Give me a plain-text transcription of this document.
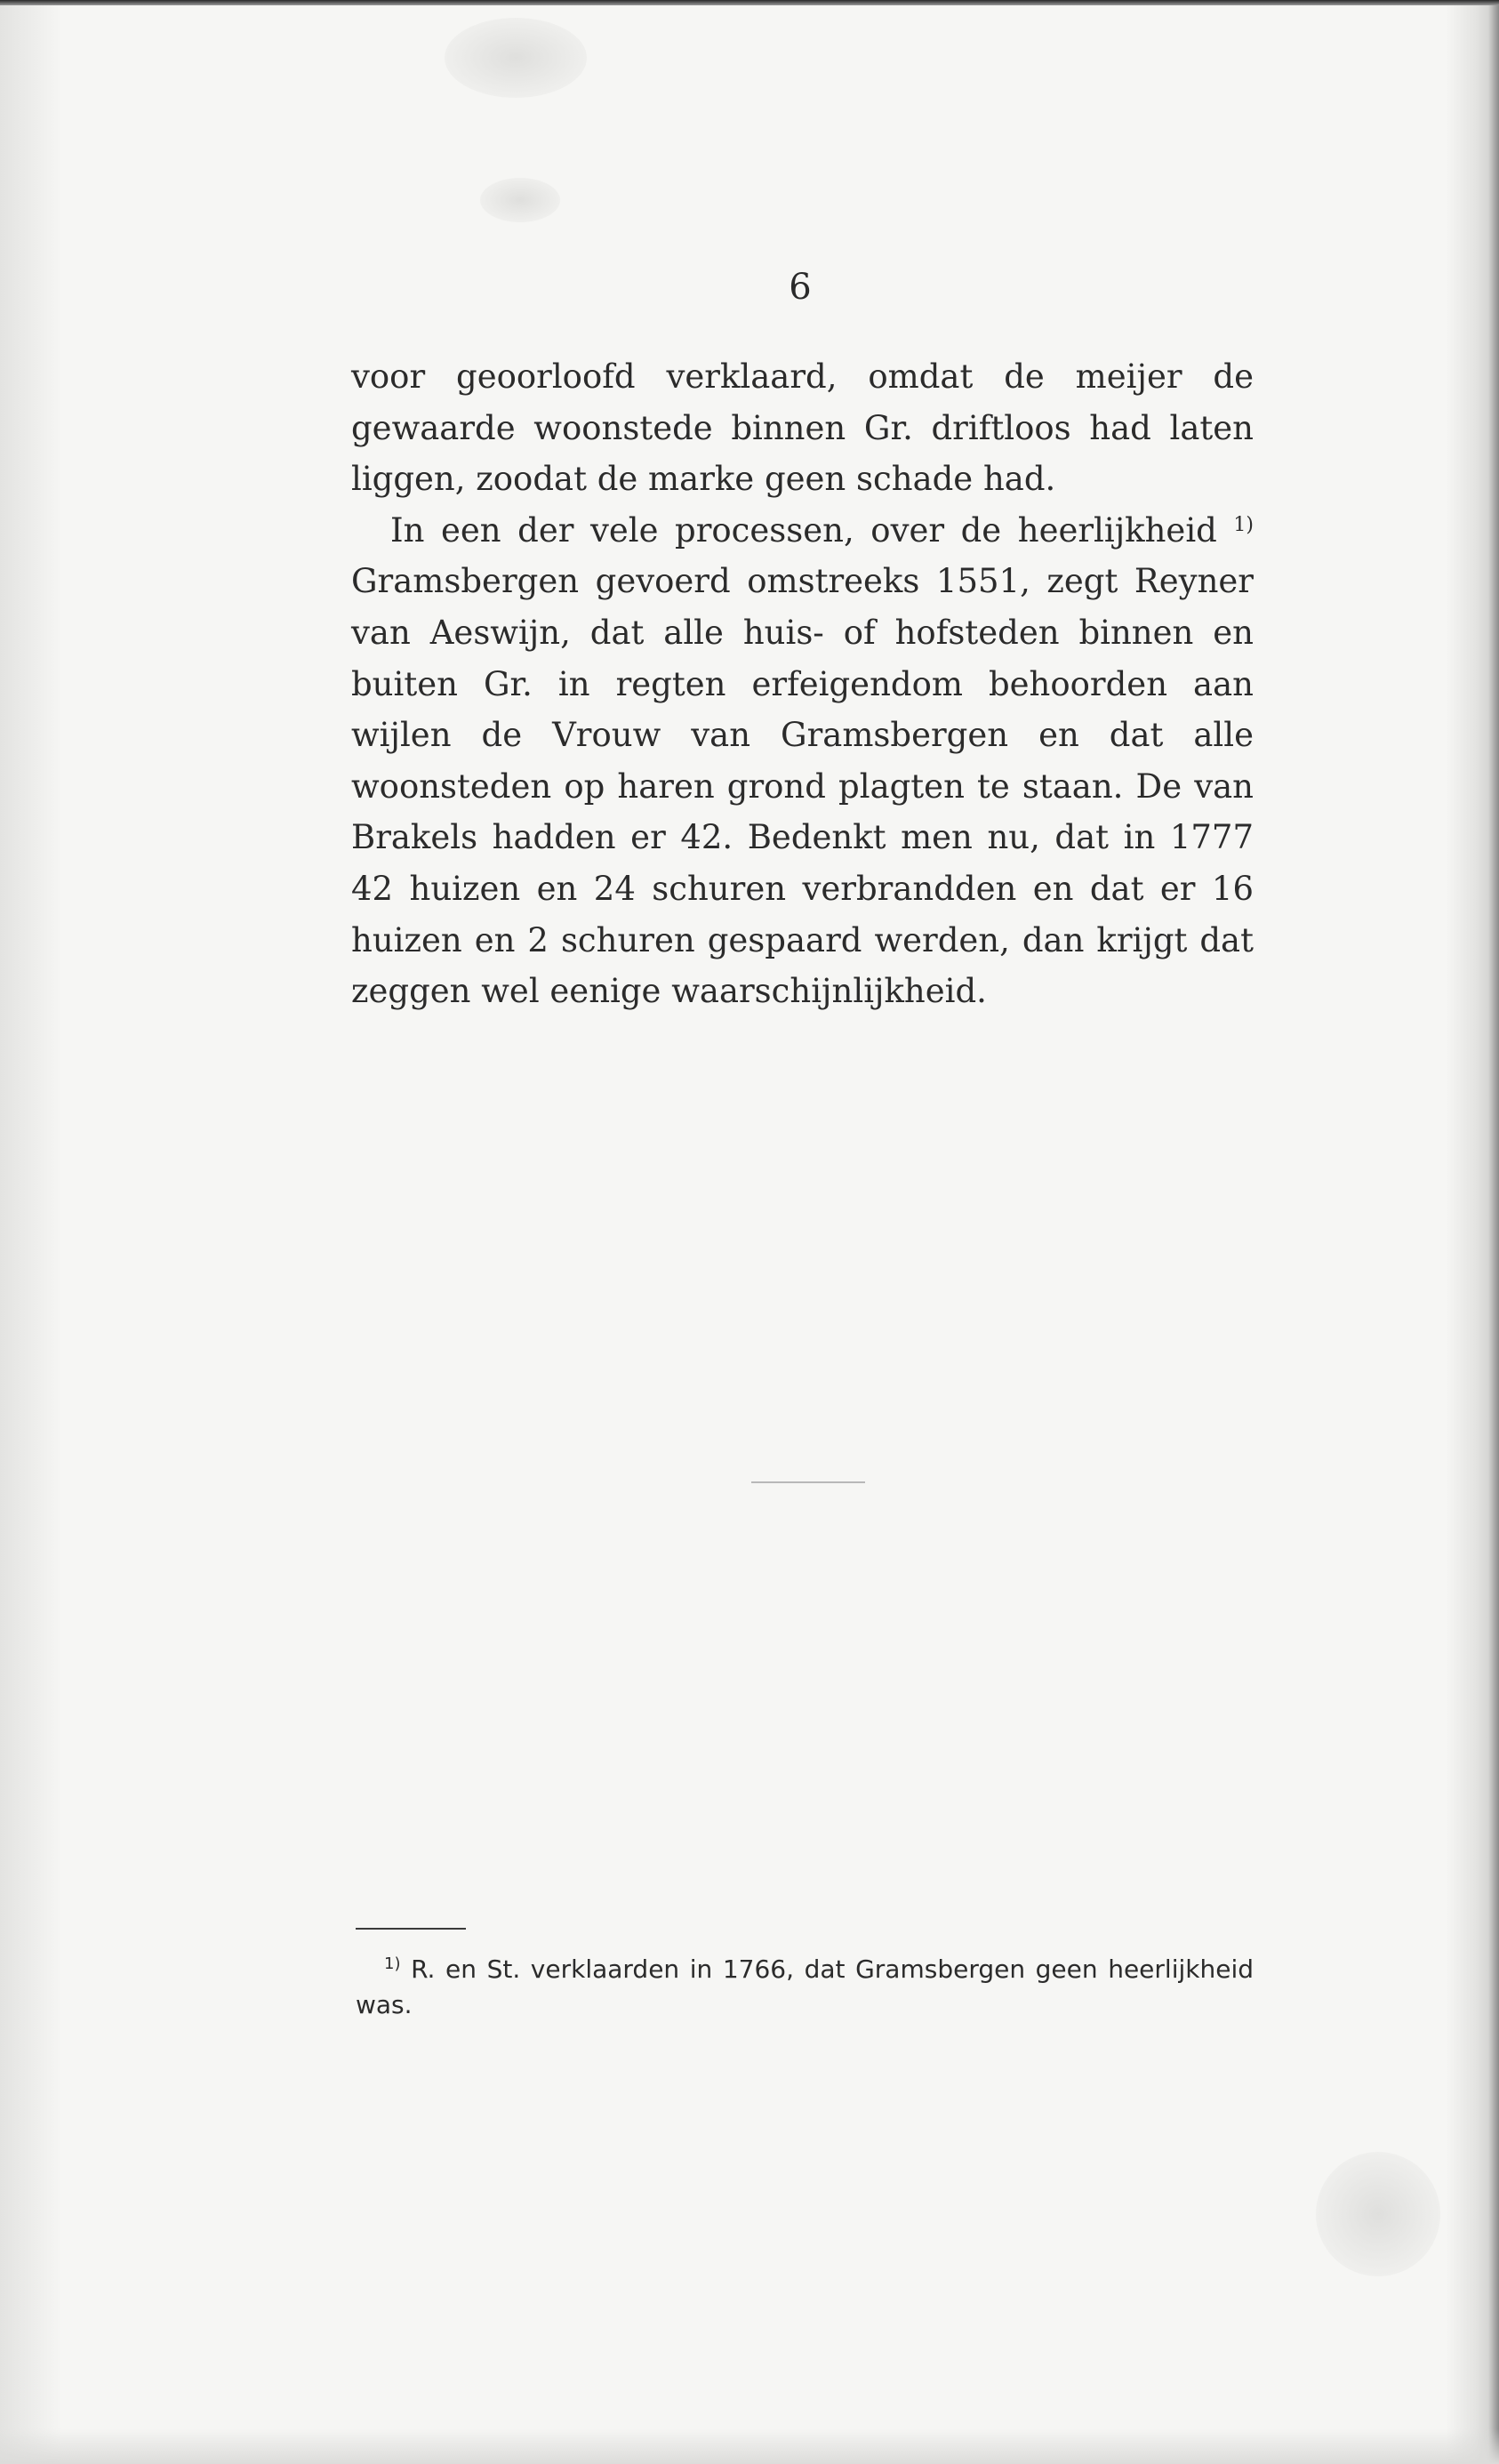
6

voor geoorloofd verklaard, omdat de meijer de gewaarde woonstede binnen Gr. driftloos had laten liggen, zoodat de marke geen schade had.

In een der vele processen, over de heerlijkheid $^{1)}$ Gramsbergen gevoerd omstreeks 1551, zegt Reyner van Aeswijn, dat alle huis- of hofsteden binnen en buiten Gr. in regten erfeigendom behoorden aan wijlen de Vrouw van Gramsbergen en dat alle woonsteden op haren grond plagten te staan. De van Brakels hadden er 42. Bedenkt men nu, dat in 1777 42 huizen en 24 schuren verbrandden en dat er 16 huizen en 2 schuren gespaard werden, dan krijgt dat zeggen wel eenige waarschijnlijkheid.

$^{1)}$ R. en St. verklaarden in 1766, dat Gramsbergen geen heerlijkheid was.
